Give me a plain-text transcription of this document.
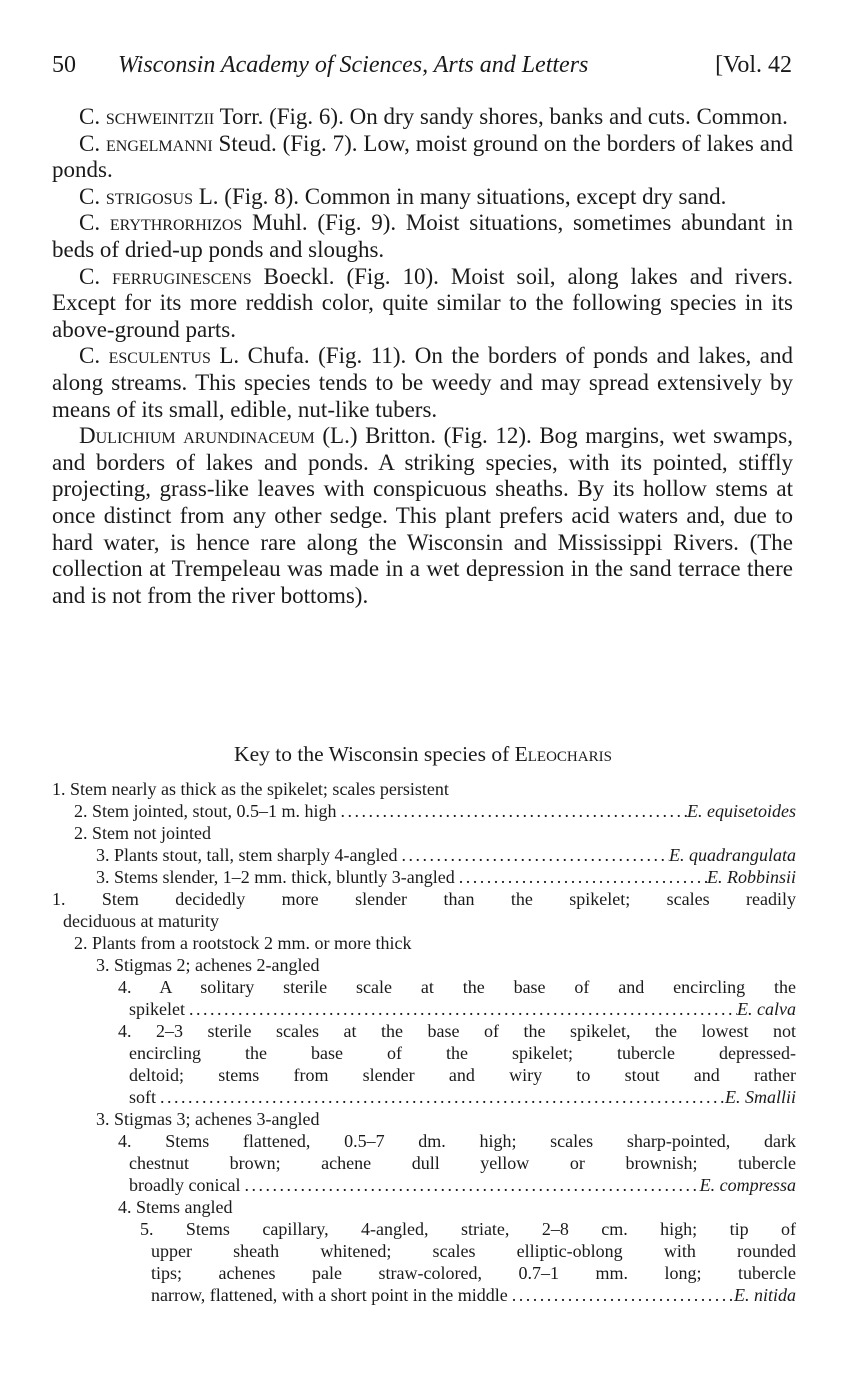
50 Wisconsin Academy of Sciences, Arts and Letters	[Vol. 42

C. schweinitzii Torr. (Fig. 6). On dry sandy shores, banks and cuts. Common.

C. engelmanni Steud. (Fig. 7). Low, moist ground on the borders of lakes and ponds.

C. strigosus L. (Fig. 8). Common in many situations, except dry sand.

C. erythrorhizos Muhl. (Fig. 9). Moist situations, sometimes abundant in beds of dried-up ponds and sloughs.

C. ferruginescens Boeckl. (Fig. 10). Moist soil, along lakes and rivers. Except for its more reddish color, quite similar to the following species in its above-ground parts.

C. esculentus L. Chufa. (Fig. 11). On the borders of ponds and lakes, and along streams. This species tends to be weedy and may spread extensively by means of its small, edible, nut-like tubers.

Dulichium arundinaceum (L.) Britton. (Fig. 12). Bog margins, wet swamps, and borders of lakes and ponds. A striking species, with its pointed, stiffly projecting, grass-like leaves with conspicuous sheaths. By its hollow stems at once distinct from any other sedge. This plant prefers acid waters and, due to hard water, is hence rare along the Wisconsin and Mississippi Rivers. (The collection at Trempeleau was made in a wet depression in the sand terrace there and is not from the river bottoms).

Key to the Wisconsin species of Eleocharis
1. Stem nearly as thick as the spikelet; scales persistent
2. Stem jointed, stout, 0.5–1 m. high . . .	E. equisetoides
2. Stem not jointed
3. Plants stout, tall, stem sharply 4-angled . . .	E. quadrangulata
3. Stems slender, 1–2 mm. thick, bluntly 3-angled . . .	E. Robbinsii
1. Stem decidedly more slender than the spikelet; scales readily
deciduous at maturity
2. Plants from a rootstock 2 mm. or more thick
3. Stigmas 2; achenes 2-angled
4. A solitary sterile scale at the base of and encircling the
spikelet . . .	E. calva
4. 2–3 sterile scales at the base of the spikelet, the lowest not
encircling the base of the spikelet; tubercle depressed-
deltoid; stems from slender and wiry to stout and rather
soft . . .	E. Smallii
3. Stigmas 3; achenes 3-angled
4. Stems flattened, 0.5–7 dm. high; scales sharp-pointed, dark
chestnut brown; achene dull yellow or brownish; tubercle
broadly conical . . .	E. compressa
4. Stems angled
5. Stems capillary, 4-angled, striate, 2–8 cm. high; tip of
upper sheath whitened; scales elliptic-oblong with rounded
tips; achenes pale straw-colored, 0.7–1 mm. long; tubercle
narrow, flattened, with a short point in the middle . . .	E. nitida
